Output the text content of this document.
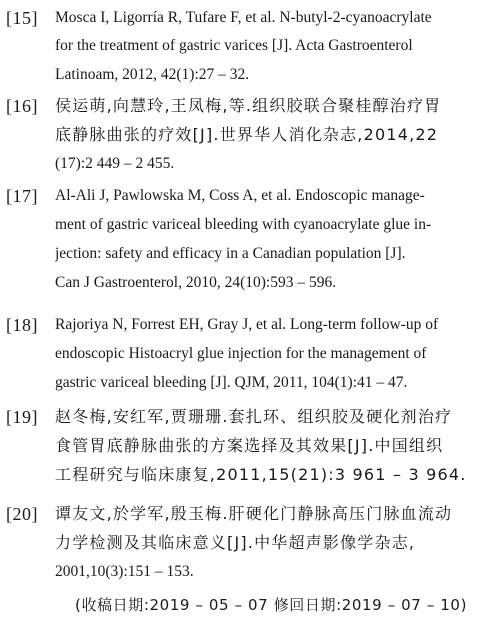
[15] Mosca I, Ligorría R, Tufare F, et al. N-butyl-2-cyanoacrylate
for the treatment of gastric varices [J]. Acta Gastroenterol
Latinoam, 2012, 42(1):27 – 32.
[16] 侯运萌,向慧玲,王凤梅,等.组织胶联合聚桂醇治疗胃
底静脉曲张的疗效[J].世界华人消化杂志,2014,22
(17):2 449 – 2 455.
[17] Al-Ali J, Pawlowska M, Coss A, et al. Endoscopic manage-
ment of gastric variceal bleeding with cyanoacrylate glue in-
jection: safety and efficacy in a Canadian population [J].
Can J Gastroenterol, 2010, 24(10):593 – 596.
[18] Rajoriya N, Forrest EH, Gray J, et al. Long-term follow-up of
endoscopic Histoacryl glue injection for the management of
gastric variceal bleeding [J]. QJM, 2011, 104(1):41 – 47.
[19] 赵冬梅,安红军,贾珊珊.套扎环、组织胶及硬化剂治疗
食管胃底静脉曲张的方案选择及其效果[J].中国组织
工程研究与临床康复,2011,15(21):3 961 – 3 964.
[20] 谭友文,於学军,殷玉梅.肝硬化门静脉高压门脉血流动
力学检测及其临床意义[J].中华超声影像学杂志,
2001,10(3):151 – 153.
(收稿日期:2019 – 05 – 07 修回日期:2019 – 07 – 10)
